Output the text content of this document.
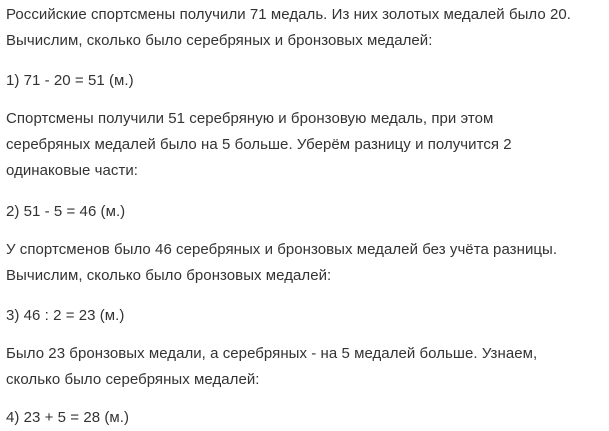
Российские спортсмены получили 71 медаль. Из них золотых медалей было 20.
Вычислим, сколько было серебряных и бронзовых медалей:

1) 71 - 20 = 51 (м.)

Спортсмены получили 51 серебряную и бронзовую медаль, при этом
серебряных медалей было на 5 больше. Уберём разницу и получится 2
одинаковые части:

2) 51 - 5 = 46 (м.)

У спортсменов было 46 серебряных и бронзовых медалей без учёта разницы.
Вычислим, сколько было бронзовых медалей:

3) 46 : 2 = 23 (м.)

Было 23 бронзовых медали, а серебряных - на 5 медалей больше. Узнаем,
сколько было серебряных медалей:

4) 23 + 5 = 28 (м.)
